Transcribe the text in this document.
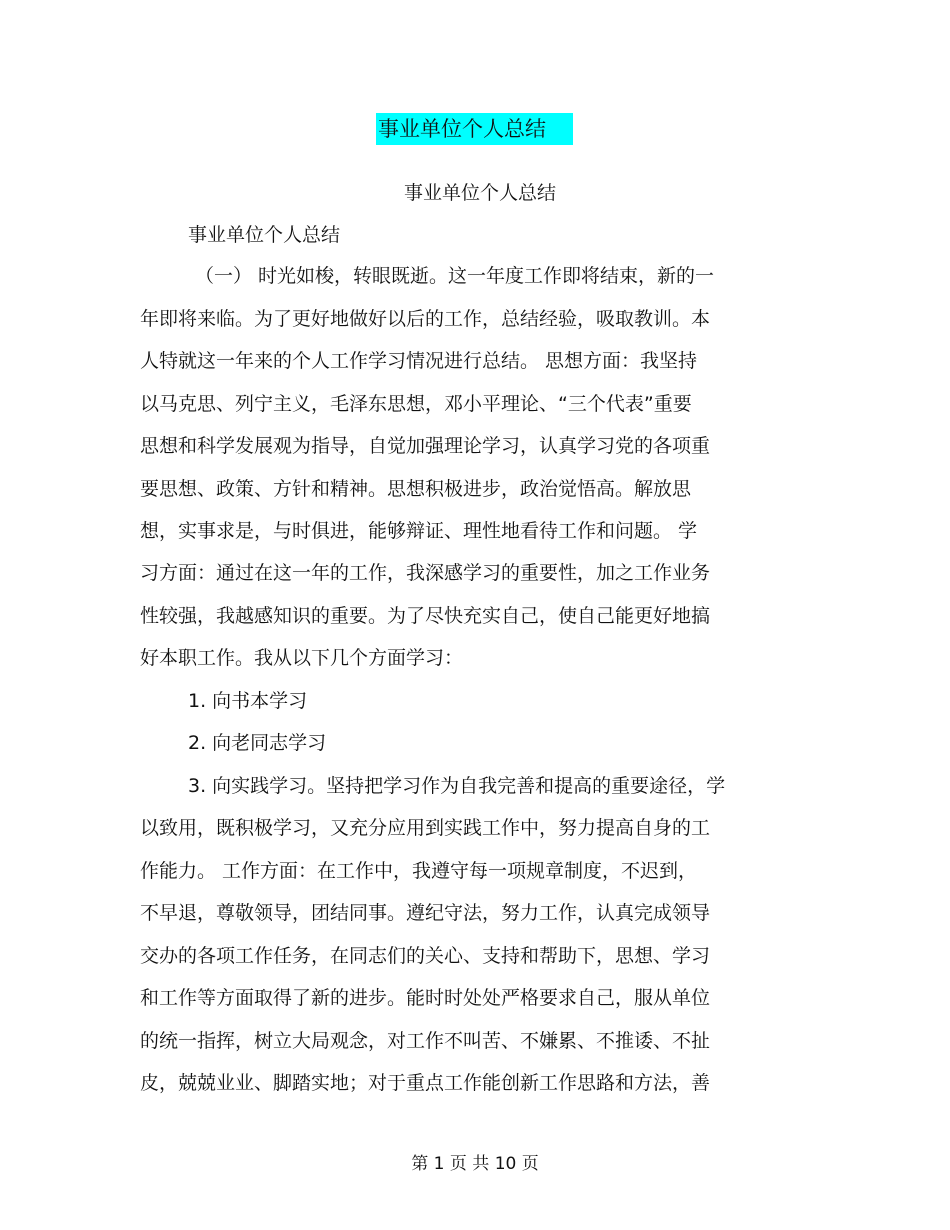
事业单位个人总结
事业单位个人总结
事业单位个人总结
（一） 时光如梭，转眼既逝。这一年度工作即将结束，新的一
年即将来临。为了更好地做好以后的工作，总结经验，吸取教训。本
人特就这一年来的个人工作学习情况进行总结。 思想方面：我坚持
以马克思、列宁主义，毛泽东思想，邓小平理论、“三个代表”重要
思想和科学发展观为指导，自觉加强理论学习，认真学习党的各项重
要思想、政策、方针和精神。思想积极进步，政治觉悟高。解放思
想，实事求是，与时俱进，能够辩证、理性地看待工作和问题。 学
习方面：通过在这一年的工作，我深感学习的重要性，加之工作业务
性较强，我越感知识的重要。为了尽快充实自己，使自己能更好地搞
好本职工作。我从以下几个方面学习：
1. 向书本学习
2. 向老同志学习
3. 向实践学习。坚持把学习作为自我完善和提高的重要途径，学
以致用，既积极学习，又充分应用到实践工作中，努力提高自身的工
作能力。 工作方面：在工作中，我遵守每一项规章制度，不迟到，
不早退，尊敬领导，团结同事。遵纪守法，努力工作，认真完成领导
交办的各项工作任务，在同志们的关心、支持和帮助下，思想、学习
和工作等方面取得了新的进步。能时时处处严格要求自己，服从单位
的统一指挥，树立大局观念，对工作不叫苦、不嫌累、不推诿、不扯
皮，兢兢业业、脚踏实地；对于重点工作能创新工作思路和方法，善
第 1 页 共 10 页
